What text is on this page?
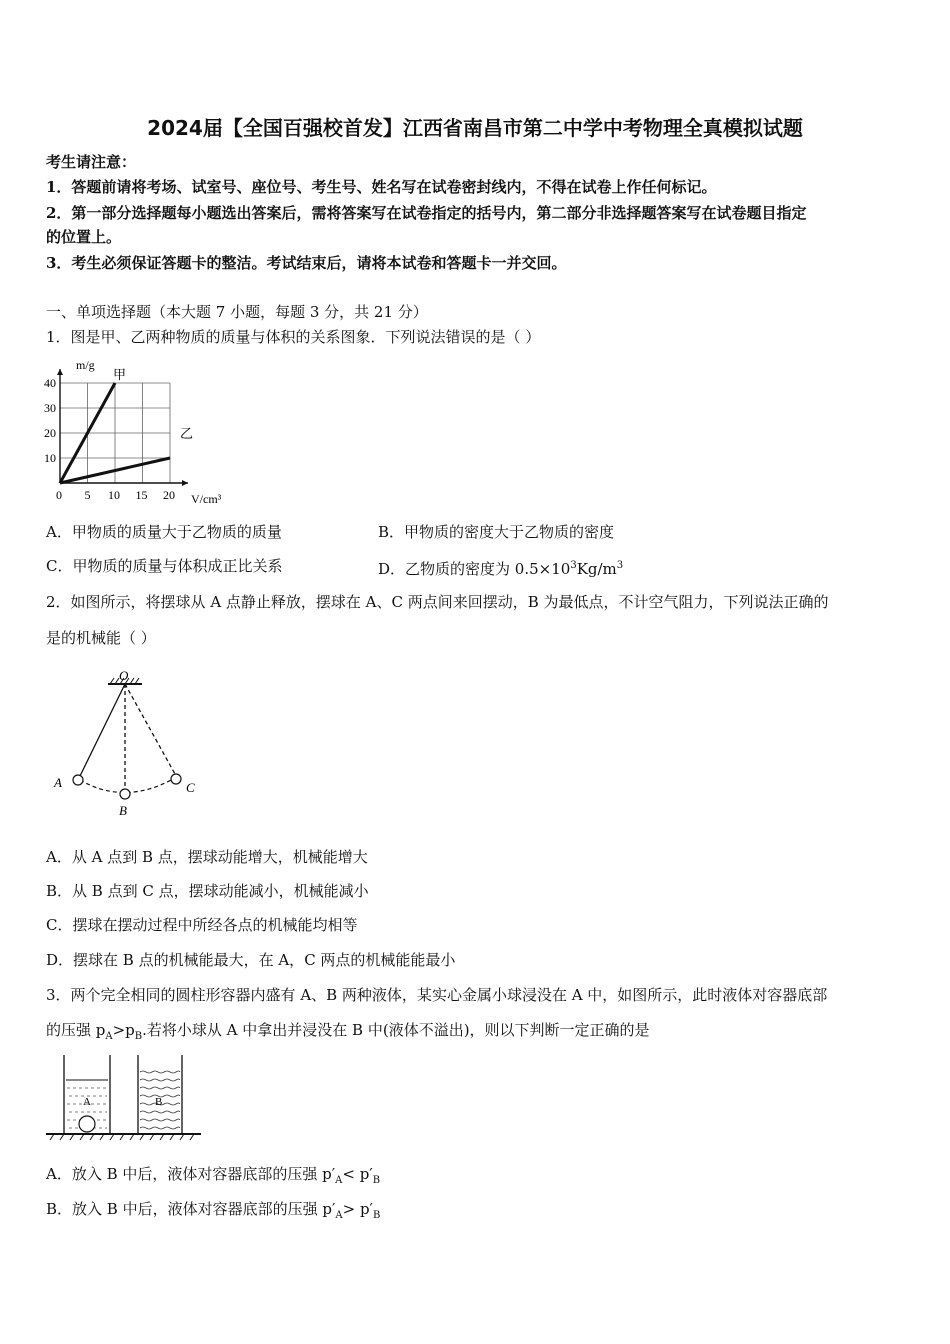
2024届【全国百强校首发】江西省南昌市第二中学中考物理全真模拟试题
考生请注意：
1．答题前请将考场、试室号、座位号、考生号、姓名写在试卷密封线内，不得在试卷上作任何标记。
2．第一部分选择题每小题选出答案后，需将答案写在试卷指定的括号内，第二部分非选择题答案写在试卷题目指定
的位置上。
3．考生必须保证答题卡的整洁。考试结束后，请将本试卷和答题卡一并交回。
一、单项选择题（本大题 7 小题，每题 3 分，共 21 分）
1．图是甲、乙两种物质的质量与体积的关系图象．下列说法错误的是（ ）
0 5 10 15 20
10
20
30
40
甲
乙
m/g
V/cm³
A．甲物质的质量大于乙物质的质量	B．甲物质的密度大于乙物质的密度
C．甲物质的质量与体积成正比关系	D．乙物质的密度为 $0.5\times 10^3Kg/m^3$
2．如图所示，将摆球从 A 点静止释放，摆球在 A、C 两点间来回摆动，B 为最低点，不计空气阻力，下列说法正确的
是的机械能（ ）
O
A
B
C
A．从 A 点到 B 点，摆球动能增大，机械能增大
B．从 B 点到 C 点，摆球动能减小，机械能减小
C．摆球在摆动过程中所经各点的机械能均相等
D．摆球在 B 点的机械能最大，在 A，C 两点的机械能能最小
3．两个完全相同的圆柱形容器内盛有 A、B 两种液体，某实心金属小球浸没在 A 中，如图所示，此时液体对容器底部
的压强 $p_A>p_B$.若将小球从 A 中拿出并浸没在 B 中(液体不溢出)，则以下判断一定正确的是
A	B
A．放入 B 中后，液体对容器底部的压强 $p'_A< p'_B$
B．放入 B 中后，液体对容器底部的压强 $p'_A> p'_B$
